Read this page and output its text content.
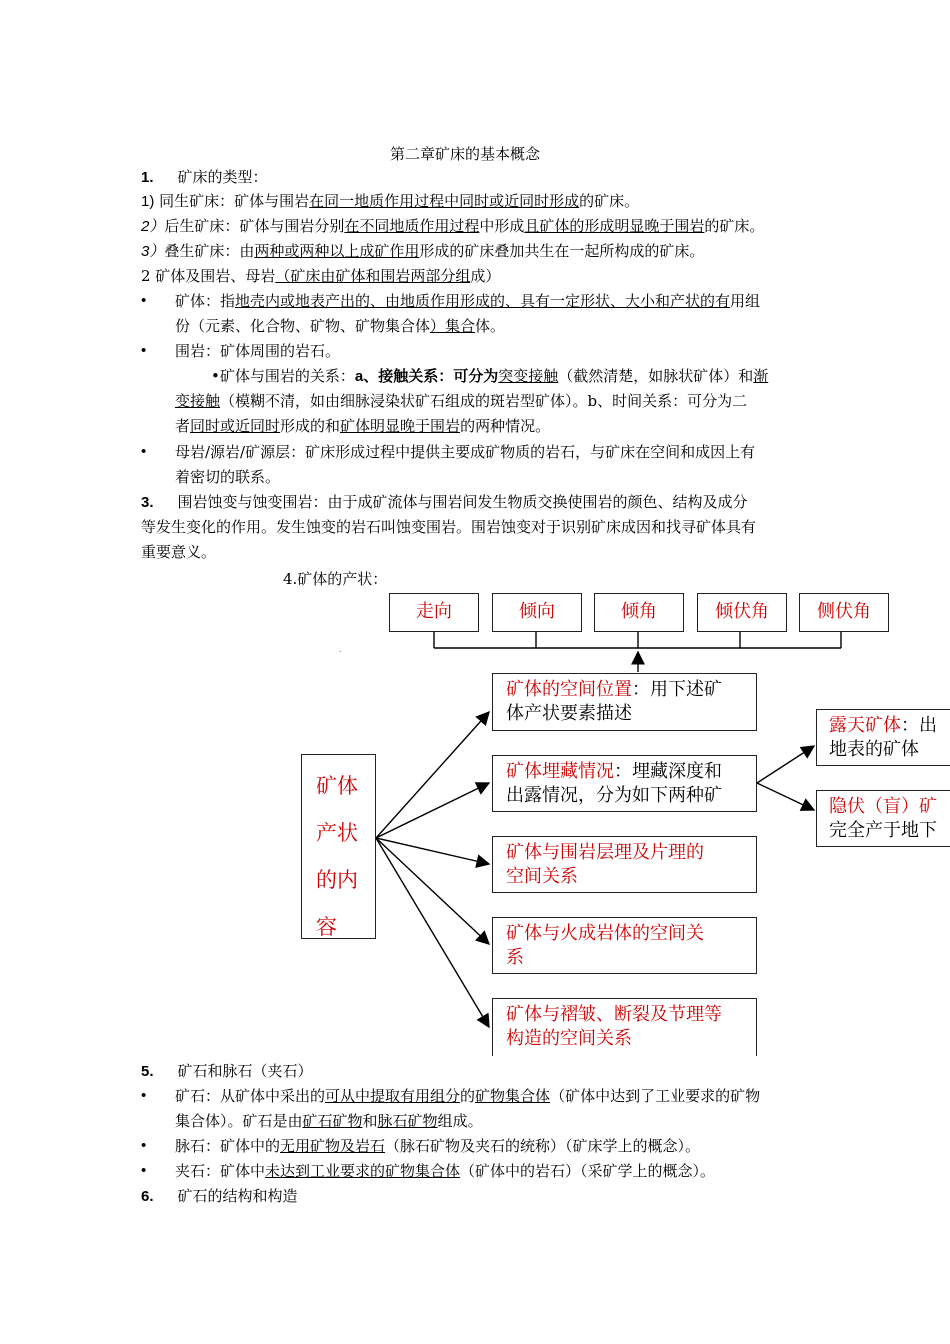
第二章矿床的基本概念
1. 矿床的类型：
1) 同生矿床：矿体与围岩在同一地质作用过程中同时或近同时形成的矿床。
2）后生矿床：矿体与围岩分别在不同地质作用过程中形成且矿体的形成明显晚于围岩的矿床。
3）叠生矿床：由两种或两种以上成矿作用形成的矿床叠加共生在一起所构成的矿床。
2 矿体及围岩、母岩（矿床由矿体和围岩两部分组成）
• 矿体：指地壳内或地表产出的、由地质作用形成的、具有一定形状、大小和产状的有用组
份（元素、化合物、矿物、矿物集合体）集合体。
• 围岩：矿体周围的岩石。
•矿体与围岩的关系：a、接触关系：可分为突变接触（截然清楚，如脉状矿体）和渐
变接触（模糊不清，如由细脉浸染状矿石组成的斑岩型矿体）。b、时间关系：可分为二
者同时或近同时形成的和矿体明显晚于围岩的两种情况。
• 母岩/源岩/矿源层：矿床形成过程中提供主要成矿物质的岩石，与矿床在空间和成因上有
着密切的联系。
3. 围岩蚀变与蚀变围岩：由于成矿流体与围岩间发生物质交换使围岩的颜色、结构及成分
等发生变化的作用。发生蚀变的岩石叫蚀变围岩。围岩蚀变对于识别矿床成因和找寻矿体具有
重要意义。
4.矿体的产状：
.
走向	倾向	倾角	倾伏角	侧伏角
矿体
产状
的内
容
矿体的空间位置：用下述矿
体产状要素描述
矿体埋藏情况：埋藏深度和
出露情况，分为如下两种矿
矿体与围岩层理及片理的
空间关系
矿体与火成岩体的空间关
系
矿体与褶皱、断裂及节理等
构造的空间关系
露天矿体：出
地表的矿体
隐伏（盲）矿
完全产于地下
5. 矿石和脉石（夹石）
• 矿石：从矿体中采出的可从中提取有用组分的矿物集合体（矿体中达到了工业要求的矿物
集合体）。矿石是由矿石矿物和脉石矿物组成。
• 脉石：矿体中的无用矿物及岩石（脉石矿物及夹石的统称）（矿床学上的概念）。
• 夹石：矿体中未达到工业要求的矿物集合体（矿体中的岩石）（采矿学上的概念）。
6. 矿石的结构和构造
